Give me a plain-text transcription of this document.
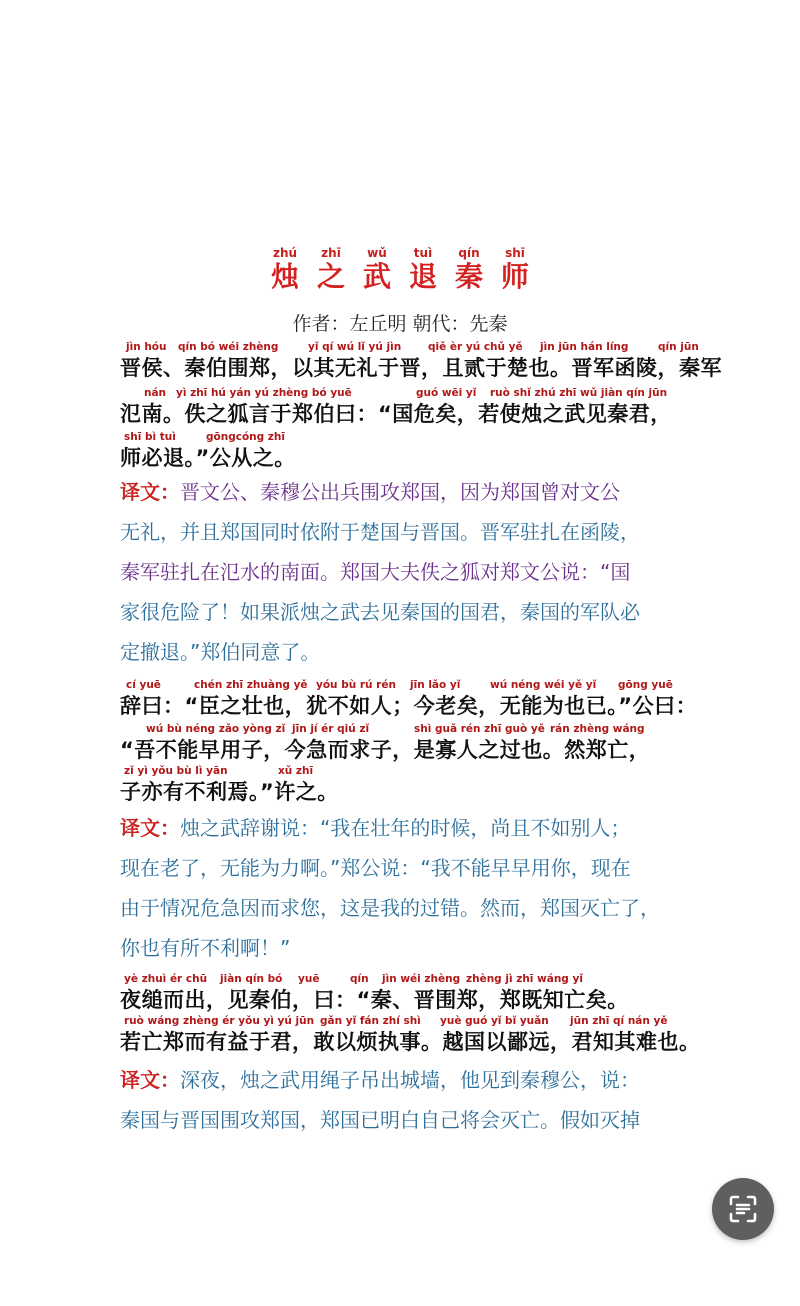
zhú
烛
zhī
之
wǔ
武
tuì
退
qín
秦
shī
师
作者：左丘明 朝代：先秦
jìn hóu qín bó wéi zhèng	yǐ qí wú lǐ yú jìn	qiě èr yú chǔ yě jìn jūn hán líng	qín jūn
晋侯、秦伯围郑，以其无礼于晋，且贰于楚也。晋军函陵，秦军
nán yì zhī hú yán yú zhèng bó yuē	guó wēi yǐ ruò shǐ zhú zhī wǔ jiàn qín jūn
氾南。佚之狐言于郑伯曰：“国危矣，若使烛之武见秦君，
shī bì tuì	gōngcóng zhī
师必退。”公从之。
译文：晋文公、秦穆公出兵围攻郑国，因为郑国曾对文公
无礼，并且郑国同时依附于楚国与晋国。晋军驻扎在函陵，
秦军驻扎在氾水的南面。郑国大夫佚之狐对郑文公说：“国
家很危险了！如果派烛之武去见秦国的国君，秦国的军队必
定撤退。”郑伯同意了。
cí yuē	chén zhī zhuàng yě yóu bù rú rén jīn lǎo yǐ	wú néng wéi yě yǐ gōng yuē
辞曰：“臣之壮也，犹不如人；今老矣，无能为也已。”公曰：
wú bù néng zǎo yòng zǐ jīn jí ér qiú zǐ	shì guǎ rén zhī guò yě rán zhèng wáng
“吾不能早用子，今急而求子，是寡人之过也。然郑亡，
zǐ yì yǒu bù lì yān	xǔ zhī
子亦有不利焉。”许之。
译文：烛之武辞谢说：“我在壮年的时候，尚且不如别人；
现在老了，无能为力啊。”郑公说：“我不能早早用你，现在
由于情况危急因而求您，这是我的过错。然而，郑国灭亡了，
你也有所不利啊！”
yè zhuì ér chū jiàn qín bó yuē	qín jìn wéi zhèng zhèng jì zhī wáng yǐ
夜缒而出，见秦伯，曰：“秦、晋围郑，郑既知亡矣。
ruò wáng zhèng ér yǒu yì yú jūn gǎn yǐ fán zhí shì yuè guó yǐ bǐ yuǎn jūn zhī qí nán yě
若亡郑而有益于君，敢以烦执事。越国以鄙远，君知其难也。
译文：深夜，烛之武用绳子吊出城墙，他见到秦穆公，说：
秦国与晋国围攻郑国，郑国已明白自己将会灭亡。假如灭掉
